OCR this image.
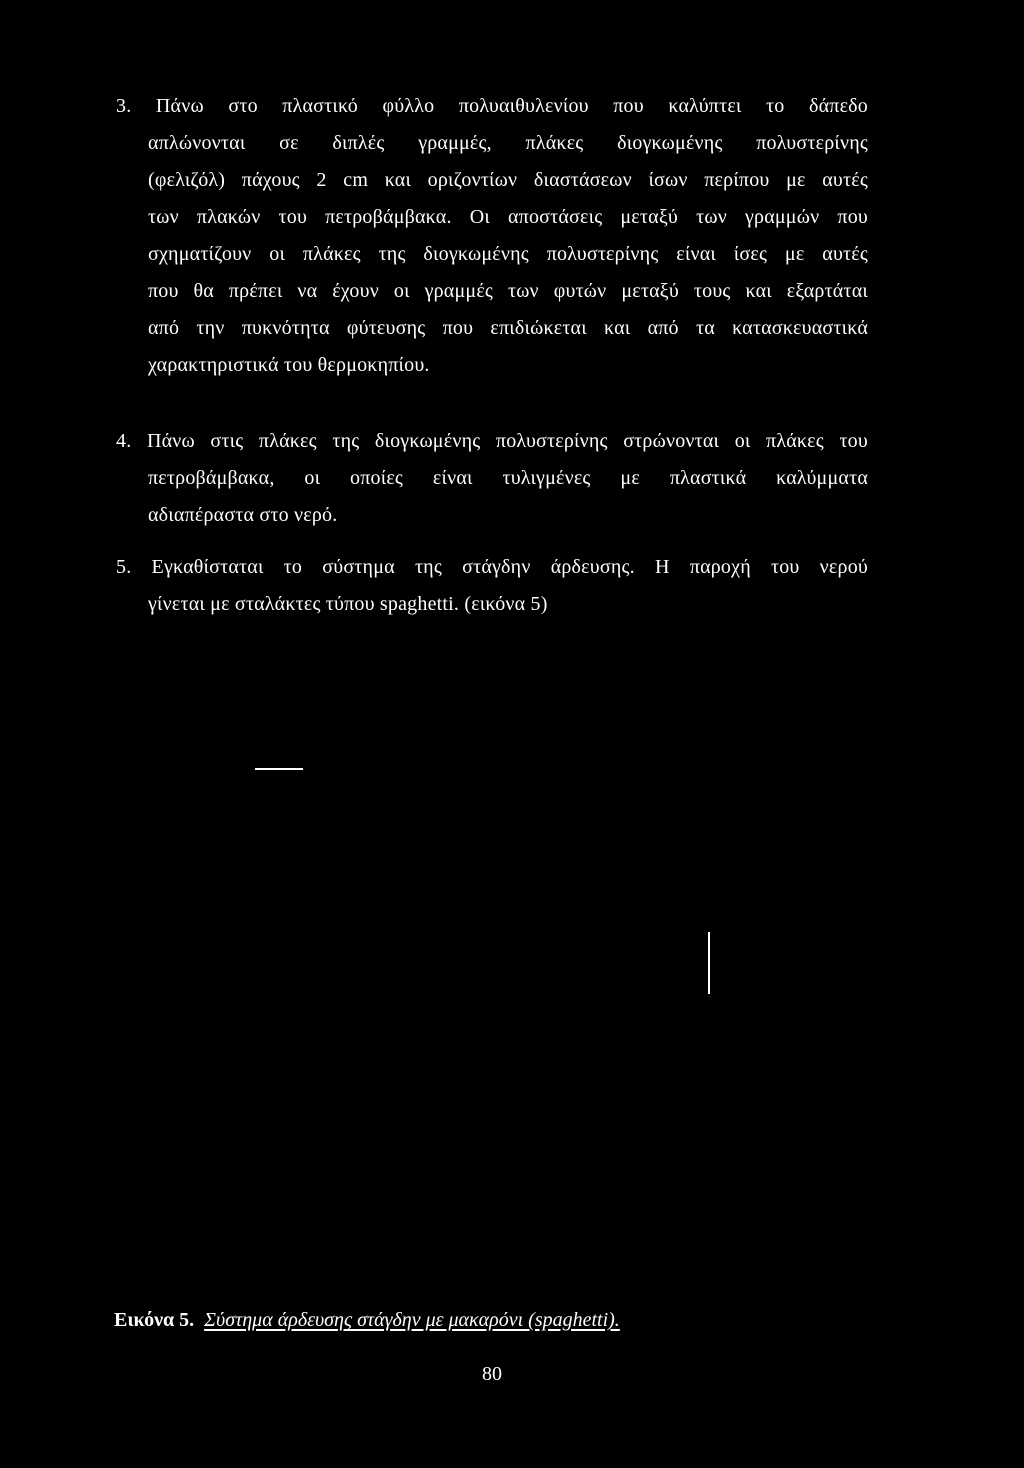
3. Πάνω στο πλαστικό φύλλο πολυαιθυλενίου που καλύπτει το δάπεδο
απλώνονται σε διπλές γραμμές, πλάκες διογκωμένης πολυστερίνης
(φελιζόλ) πάχους 2 cm και οριζοντίων διαστάσεων ίσων περίπου με αυτές
των πλακών του πετροβάμβακα. Οι αποστάσεις μεταξύ των γραμμών που
σχηματίζουν οι πλάκες της διογκωμένης πολυστερίνης είναι ίσες με αυτές
που θα πρέπει να έχουν οι γραμμές των φυτών μεταξύ τους και εξαρτάται
από την πυκνότητα φύτευσης που επιδιώκεται και από τα κατασκευαστικά
χαρακτηριστικά του θερμοκηπίου.
4. Πάνω στις πλάκες της διογκωμένης πολυστερίνης στρώνονται οι πλάκες του
πετροβάμβακα, οι οποίες είναι τυλιγμένες με πλαστικά καλύμματα
αδιαπέραστα στο νερό.
5. Εγκαθίσταται το σύστημα της στάγδην άρδευσης. Η παροχή του νερού
γίνεται με σταλάκτες τύπου spaghetti. (εικόνα 5)
Εικόνα 5. Σύστημα άρδευσης στάγδην με μακαρόνι (spaghetti).
80
